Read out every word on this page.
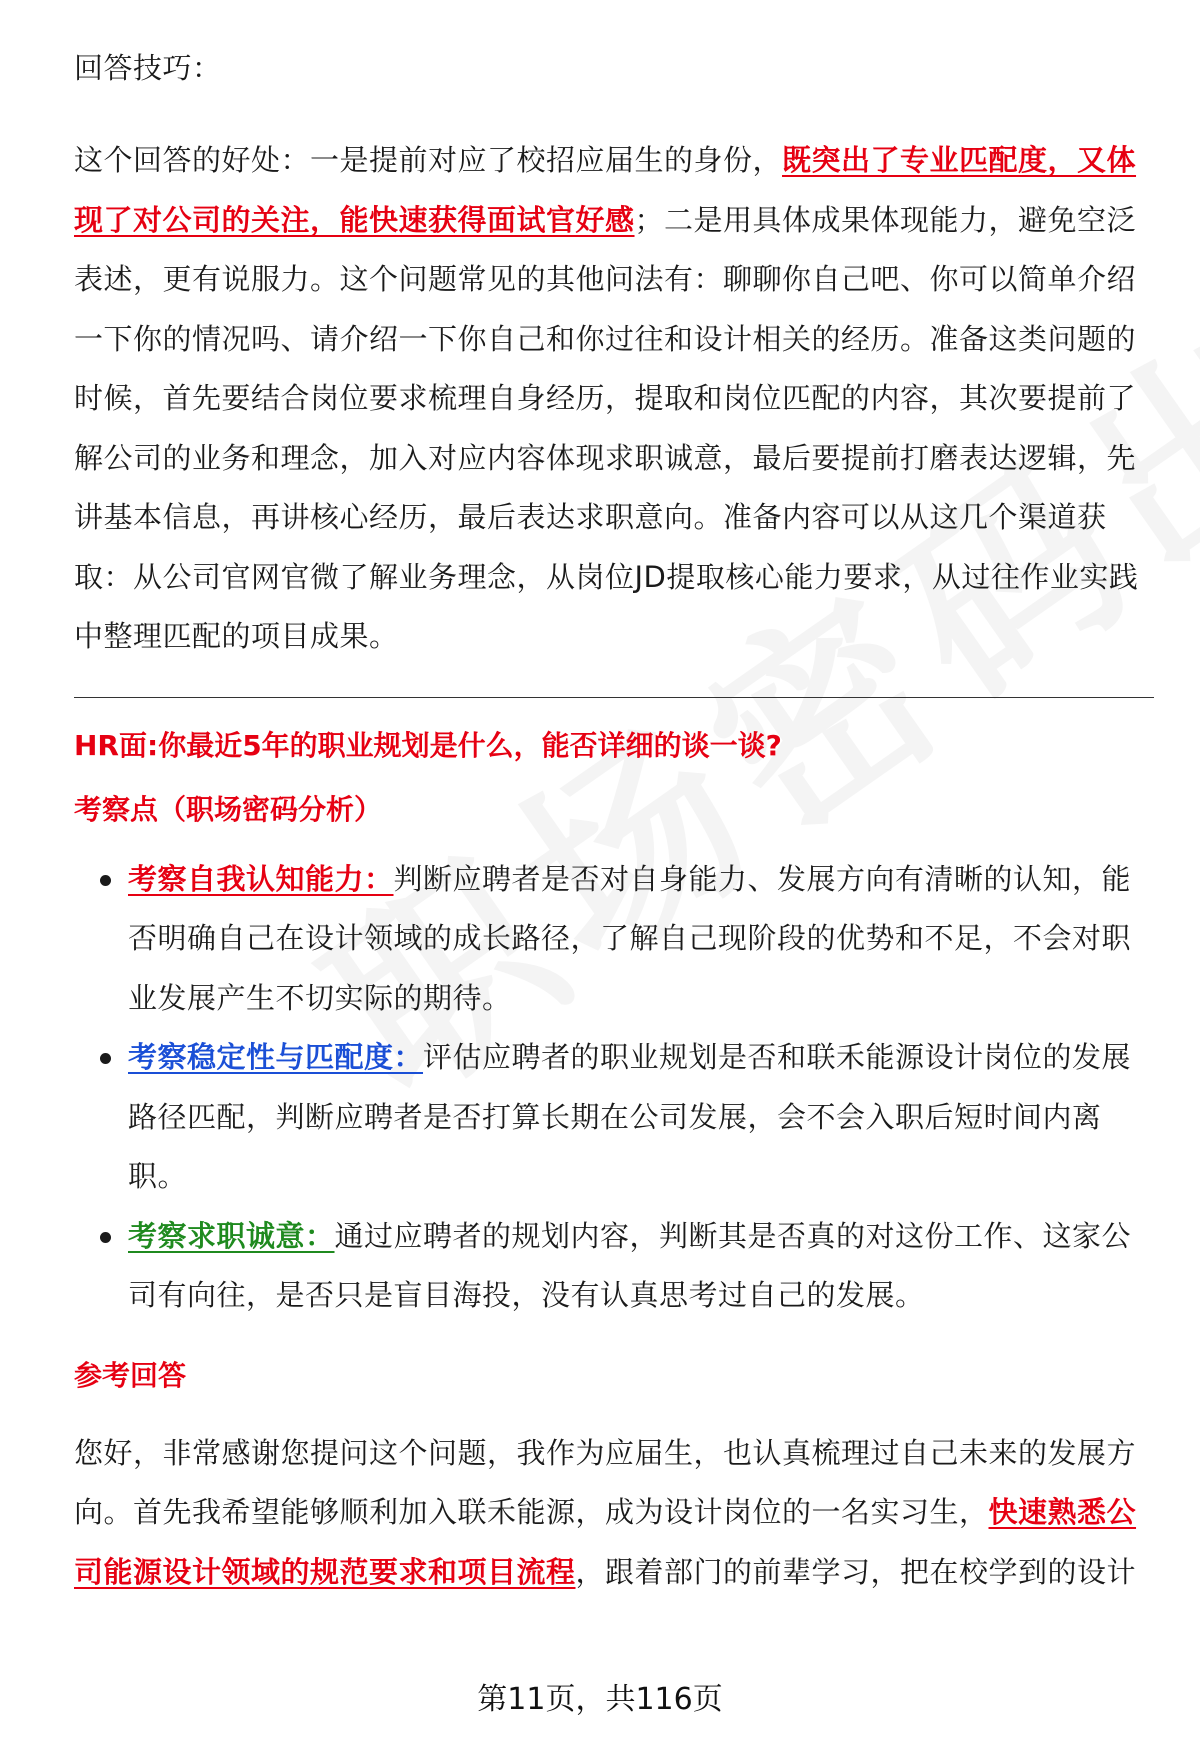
回答技巧：

这个回答的好处：一是提前对应了校招应届生的身份，既突出了专业匹配度，又体现了对公司的关注，能快速获得面试官好感；二是用具体成果体现能力，避免空泛表述，更有说服力。这个问题常见的其他问法有：聊聊你自己吧、你可以简单介绍一下你的情况吗、请介绍一下你自己和你过往和设计相关的经历。准备这类问题的时候，首先要结合岗位要求梳理自身经历，提取和岗位匹配的内容，其次要提前了解公司的业务和理念，加入对应内容体现求职诚意，最后要提前打磨表达逻辑，先讲基本信息，再讲核心经历，最后表达求职意向。准备内容可以从这几个渠道获取：从公司官网官微了解业务理念，从岗位JD提取核心能力要求，从过往作业实践中整理匹配的项目成果。

HR面:你最近5年的职业规划是什么，能否详细的谈一谈?

考察点（职场密码分析）

考察自我认知能力：判断应聘者是否对自身能力、发展方向有清晰的认知，能否明确自己在设计领域的成长路径，了解自己现阶段的优势和不足，不会对职业发展产生不切实际的期待。
考察稳定性与匹配度：评估应聘者的职业规划是否和联禾能源设计岗位的发展路径匹配，判断应聘者是否打算长期在公司发展，会不会入职后短时间内离职。
考察求职诚意：通过应聘者的规划内容，判断其是否真的对这份工作、这家公司有向往，是否只是盲目海投，没有认真思考过自己的发展。

参考回答

您好，非常感谢您提问这个问题，我作为应届生，也认真梳理过自己未来的发展方向。首先我希望能够顺利加入联禾能源，成为设计岗位的一名实习生，快速熟悉公司能源设计领域的规范要求和项目流程，跟着部门的前辈学习，把在校学到的设计

第11页，共116页
